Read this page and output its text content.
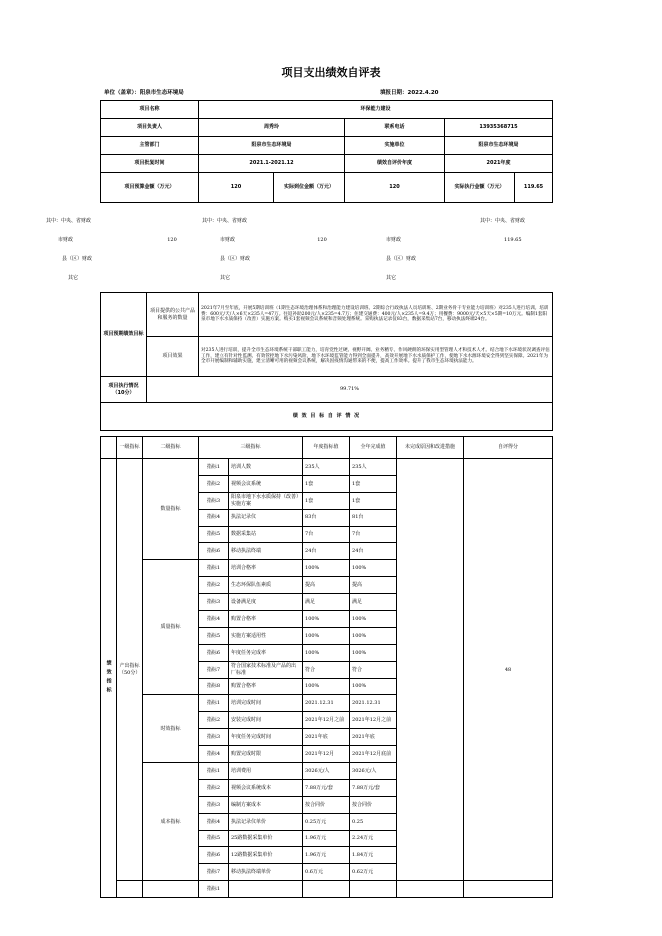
项目支出绩效自评表
单位（盖章）：阳泉市生态环境局	填报日期：2022.4.20
项目名称	环保能力建设				
项目负责人	周秀玲		联系电话	13935368715	
主管部门	阳泉市生态环境局		实施单位	阳泉市生态环境局	
项目批复时间	2021.1-2021.12		绩效自评价年度	2021年度	
项目预算金额（万元）	120	实际到位金额（万元）	120	实际执行金额（万元）	119.65
其中：中央、省财政		其中：中央、省财政		其中：中央、省财政		
市财政	120	市财政	120	市财政		119.65
县（区）财政		县（区）财政		县（区）财政		
其它		其它		其它		
项目预期绩效目标	项目提供的公共产品和服务的数量	2021年7月至年底，开展5期培训班（1期生态环境治理体系和治理能力建设培训班、2期综合行政执法人员培训班、2期业务骨干专业能力培训班）对235人进行培训。培训费：600元/天/人×6天×235人=47万。往返补助200元/人×235=4.7万；住建交通费：400元/人×235人=9.4万；用餐费：9000元/天×5天×5期=10万元。编制1套阳泉市地下水水质保持（改善）实施方案。购买1套视频会议系统和音频处理系统。采购执法记录仪83台，数据采集站7台，移动执法终端24台。
	项目效果	对235人进行培训，提升全市生态环境系统干部职工能力，培育党性过硬、视野开阔、业务精专、作风硬朗的环保实用型管理人才和技术人才。结合地下水环境状况调查评估工作，建立有针对性监测、有效管控地下水污染风险，地下水环境监管能力得到全面提升，高效开展地下水水质保护工作，使地下水水源环境安全得到坚实保障。2021年为全市开展编制和辅助实施，建立清晰可用的视频会议系统，解决因疫情沟通带来的不便，提高工作效率。提升了我市生态环境执法能力。
项目执行情况（10分）	99.71%	
绩 效 目 标 自 评 情 况		
	一级指标	二级指标	三级指标		年度指标值	全年完成值	未完成原因和改进措施	自评得分
绩效指标	产出指标（50分）	数量指标	指标1	培训人数	235人	235人		48
			指标2	视频会议系统	1套	1套		
			指标3	阳泉市地下水水质保持（改善）实施方案	1套	1套		
			指标4	执法记录仪	83台	81台		
			指标5	数据采集站	7台	7台		
			指标6	移动执法终端	24台	24台		
		质量指标	指标1	培训合格率	100%	100%		
			指标2	生态环保队伍素质	提高	提高		
			指标3	设备满足度	满足	满足		
			指标4	购置合格率	100%	100%		
			指标5	实施方案适用性	100%	100%		
			指标6	年度任务完成率	100%	100%		
			指标7	符合国家技术标准及产品的出厂标准	符合	符合		
			指标8	购置合格率	100%	100%		
		时效指标	指标1	培训完成时间	2021.12.31	2021.12.31		
			指标2	安装完成时间	2021年12月之前	2021年12月之前		
			指标3	年度任务完成时间	2021年底	2021年底		
			指标4	购置完成时限	2021年12月	2021年12月底前		
		成本指标	指标1	培训费用	3026元/人	3026元/人		
			指标2	视频会议系统成本	7.88万元/套	7.88万元/套		
			指标3	编制方案成本	按合同价	按合同价		
			指标4	执法记录仪单价	0.25万元	0.25		
			指标5	25路数据采集单价	1.96万元	2.24万元		
			指标6	12路数据采集单价	1.96万元	1.84万元		
			指标7	移动执法终端单价	0.6万元	0.62万元		
			指标1					
